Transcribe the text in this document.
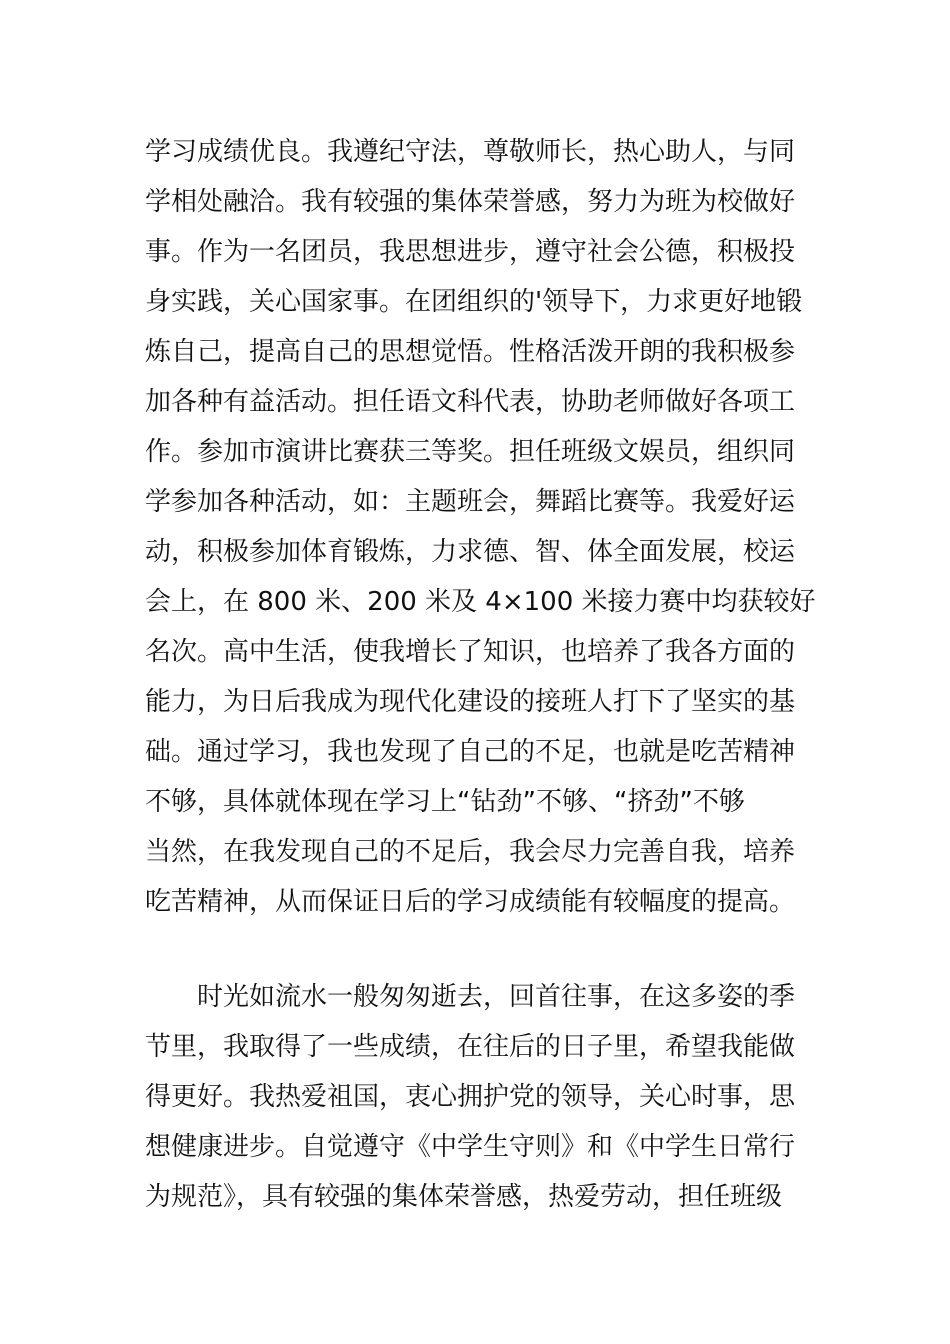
学习成绩优良。我遵纪守法，尊敬师长，热心助人，与同
学相处融洽。我有较强的集体荣誉感，努力为班为校做好
事。作为一名团员，我思想进步，遵守社会公德，积极投
身实践，关心国家事。在团组织的'领导下，力求更好地锻
炼自己，提高自己的思想觉悟。性格活泼开朗的我积极参
加各种有益活动。担任语文科代表，协助老师做好各项工
作。参加市演讲比赛获三等奖。担任班级文娱员，组织同
学参加各种活动，如：主题班会，舞蹈比赛等。我爱好运
动，积极参加体育锻炼，力求德、智、体全面发展，校运
会上，在 800 米、200 米及 4×100 米接力赛中均获较好
名次。高中生活，使我增长了知识，也培养了我各方面的
能力，为日后我成为现代化建设的接班人打下了坚实的基
础。通过学习，我也发现了自己的不足，也就是吃苦精神
不够，具体就体现在学习上“钻劲”不够、“挤劲”不够
当然，在我发现自己的不足后，我会尽力完善自我，培养
吃苦精神，从而保证日后的学习成绩能有较幅度的提高。

　　时光如流水一般匆匆逝去，回首往事，在这多姿的季
节里，我取得了一些成绩，在往后的日子里，希望我能做
得更好。我热爱祖国，衷心拥护党的领导，关心时事，思
想健康进步。自觉遵守《中学生守则》和《中学生日常行
为规范》，具有较强的集体荣誉感，热爱劳动，担任班级
